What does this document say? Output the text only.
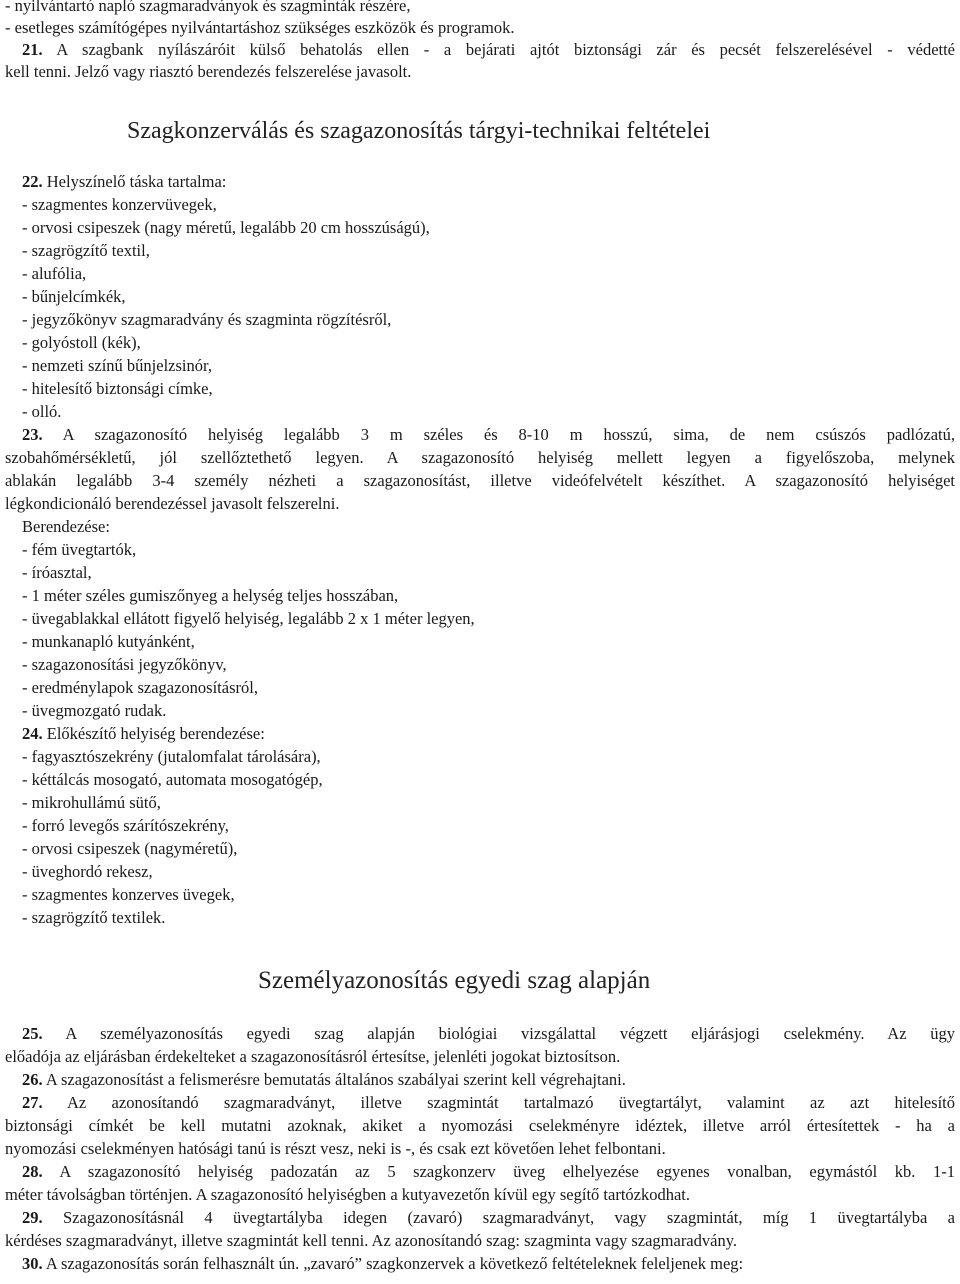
- nyilvántartó napló szagmaradványok és szagminták részére,
- esetleges számítógépes nyilvántartáshoz szükséges eszközök és programok.
21. A szagbank nyílászáróit külső behatolás ellen - a bejárati ajtót biztonsági zár és pecsét felszerelésével - védetté
kell tenni. Jelző vagy riasztó berendezés felszerelése javasolt.
Szagkonzerválás és szagazonosítás tárgyi-technikai feltételei
22. Helyszínelő táska tartalma:
- szagmentes konzervüvegek,
- orvosi csipeszek (nagy méretű, legalább 20 cm hosszúságú),
- szagrögzítő textil,
- alufólia,
- bűnjelcímkék,
- jegyzőkönyv szagmaradvány és szagminta rögzítésről,
- golyóstoll (kék),
- nemzeti színű bűnjelzsinór,
- hitelesítő biztonsági címke,
- olló.
23. A szagazonosító helyiség legalább 3 m széles és 8-10 m hosszú, sima, de nem csúszós padlózatú,
szobahőmérsékletű, jól szellőztethető legyen. A szagazonosító helyiség mellett legyen a figyelőszoba, melynek
ablakán legalább 3-4 személy nézheti a szagazonosítást, illetve videófelvételt készíthet. A szagazonosító helyiséget
légkondicionáló berendezéssel javasolt felszerelni.
Berendezése:
- fém üvegtartók,
- íróasztal,
- 1 méter széles gumiszőnyeg a helység teljes hosszában,
- üvegablakkal ellátott figyelő helyiség, legalább 2 x 1 méter legyen,
- munkanapló kutyánként,
- szagazonosítási jegyzőkönyv,
- eredménylapok szagazonosításról,
- üvegmozgató rudak.
24. Előkészítő helyiség berendezése:
- fagyasztószekrény (jutalomfalat tárolására),
- kéttálcás mosogató, automata mosogatógép,
- mikrohullámú sütő,
- forró levegős szárítószekrény,
- orvosi csipeszek (nagyméretű),
- üveghordó rekesz,
- szagmentes konzerves üvegek,
- szagrögzítő textilek.
Személyazonosítás egyedi szag alapján
25. A személyazonosítás egyedi szag alapján biológiai vizsgálattal végzett eljárásjogi cselekmény. Az ügy
előadója az eljárásban érdekelteket a szagazonosításról értesítse, jelenléti jogokat biztosítson.
26. A szagazonosítást a felismerésre bemutatás általános szabályai szerint kell végrehajtani.
27. Az azonosítandó szagmaradványt, illetve szagmintát tartalmazó üvegtartályt, valamint az azt hitelesítő
biztonsági címkét be kell mutatni azoknak, akiket a nyomozási cselekményre idéztek, illetve arról értesítettek - ha a
nyomozási cselekményen hatósági tanú is részt vesz, neki is -, és csak ezt követően lehet felbontani.
28. A szagazonosító helyiség padozatán az 5 szagkonzerv üveg elhelyezése egyenes vonalban, egymástól kb. 1-1
méter távolságban történjen. A szagazonosító helyiségben a kutyavezetőn kívül egy segítő tartózkodhat.
29. Szagazonosításnál 4 üvegtartályba idegen (zavaró) szagmaradványt, vagy szagmintát, míg 1 üvegtartályba a
kérdéses szagmaradványt, illetve szagmintát kell tenni. Az azonosítandó szag: szagminta vagy szagmaradvány.
30. A szagazonosítás során felhasznált ún. „zavaró” szagkonzervek a következő feltételeknek feleljenek meg:
